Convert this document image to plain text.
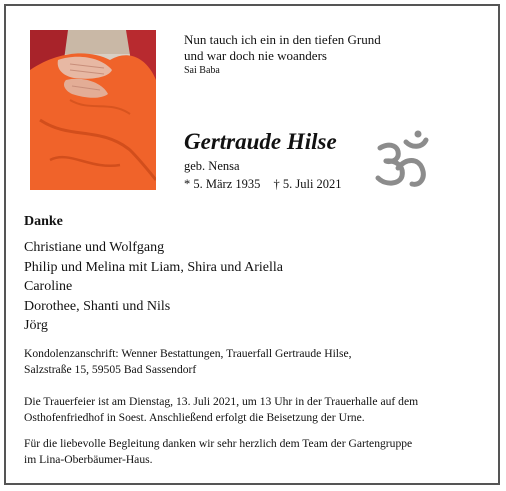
Nun tauch ich ein in den tiefen Grund
und war doch nie woanders
Sai Baba
Gertraude Hilse
geb. Nensa
* 5. März 1935 † 5. Juli 2021
Danke
Christiane und Wolfgang
Philip und Melina mit Liam, Shira und Ariella
Caroline
Dorothee, Shanti und Nils
Jörg
Kondolenzanschrift: Wenner Bestattungen, Trauerfall Gertraude Hilse,
Salzstraße 15, 59505 Bad Sassendorf
Die Trauerfeier ist am Dienstag, 13. Juli 2021, um 13 Uhr in der Trauerhalle auf dem
Osthofenfriedhof in Soest. Anschließend erfolgt die Beisetzung der Urne.
Für die liebevolle Begleitung danken wir sehr herzlich dem Team der Gartengruppe
im Lina-Oberbäumer-Haus.
